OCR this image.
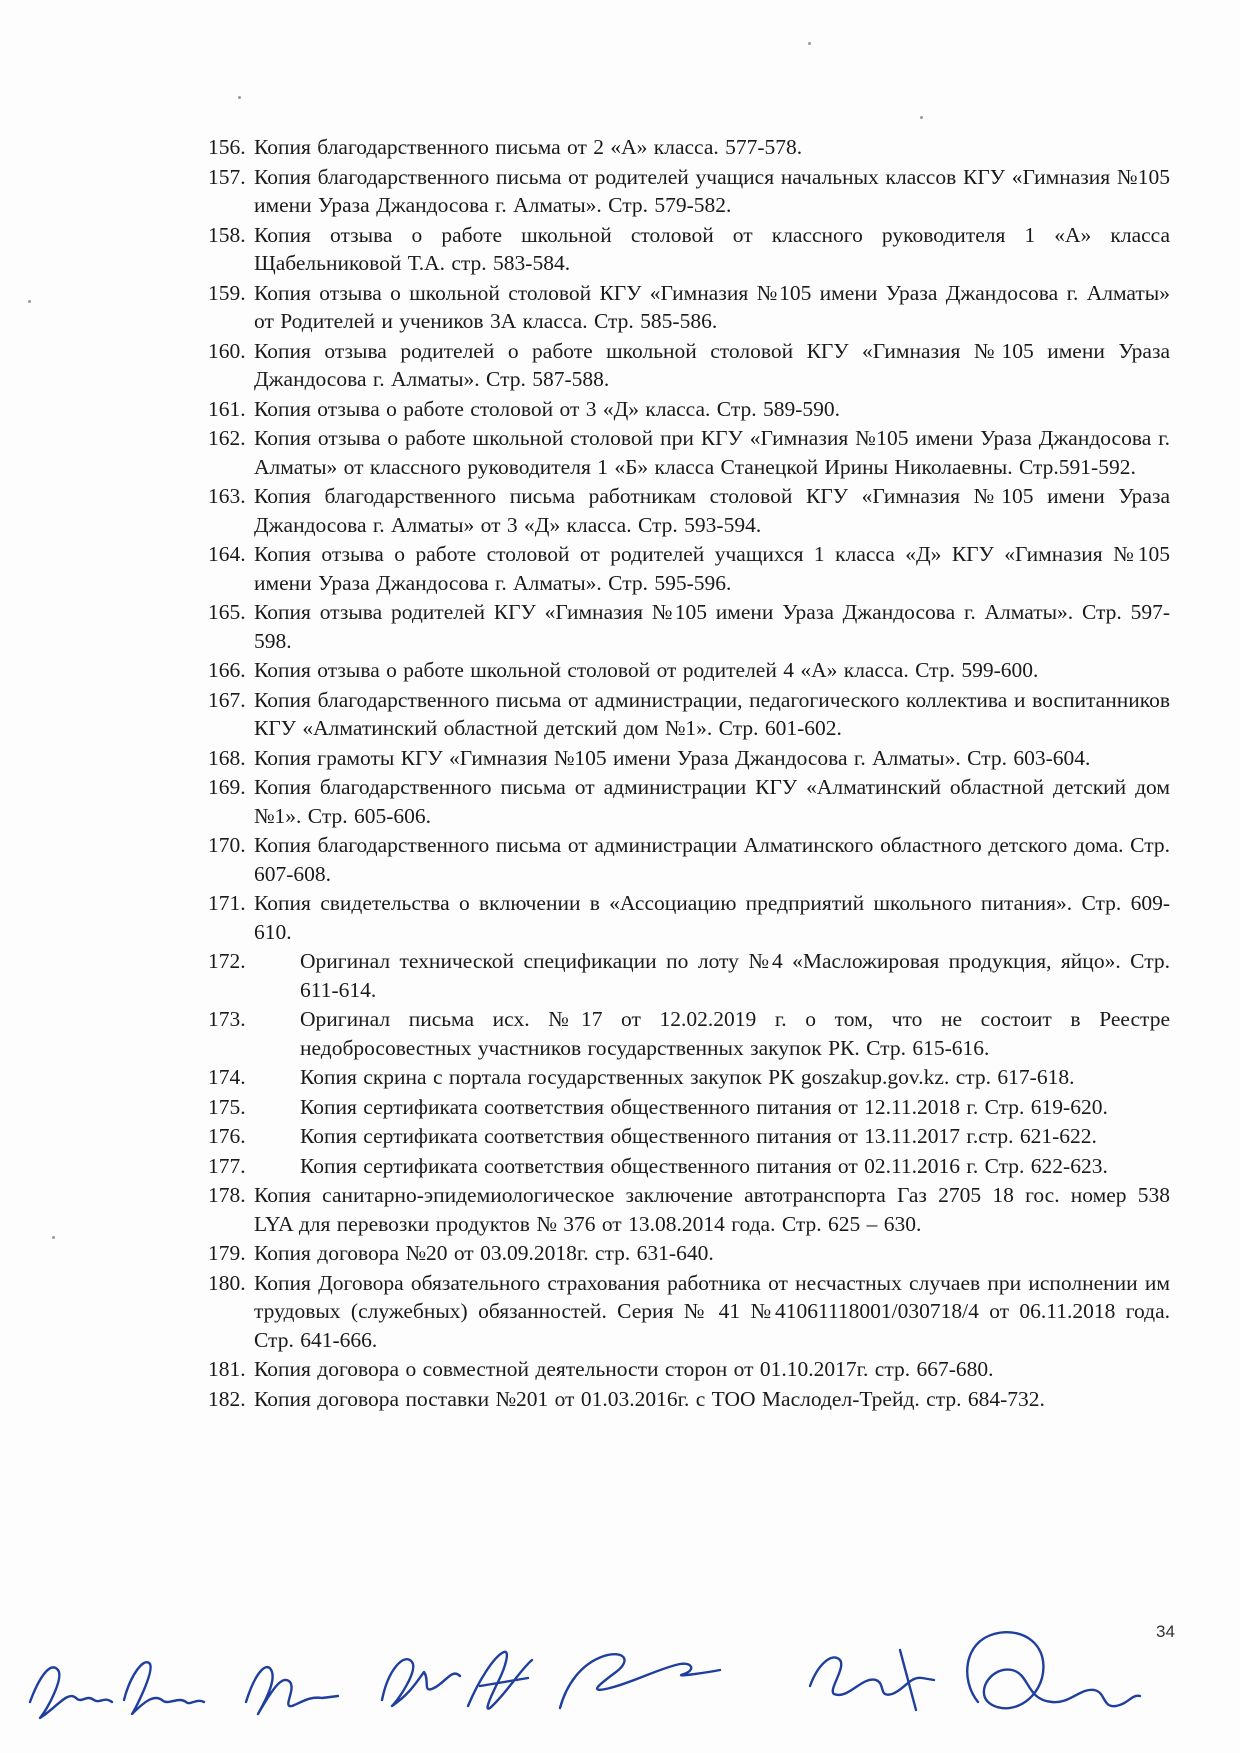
156. Копия благодарственного письма от 2 «А» класса. 577-578.
157. Копия благодарственного письма от родителей учащися начальных классов КГУ «Гимназия №105 имени Ураза Джандосова г. Алматы». Стр. 579-582.
158. Копия отзыва о работе школьной столовой от классного руководителя 1 «А» класса Щабельниковой Т.А. стр. 583-584.
159. Копия отзыва о школьной столовой КГУ «Гимназия №105 имени Ураза Джандосова г. Алматы» от Родителей и учеников 3А класса. Стр. 585-586.
160. Копия отзыва родителей о работе школьной столовой КГУ «Гимназия №105 имени Ураза Джандосова г. Алматы». Стр. 587-588.
161. Копия отзыва о работе столовой от 3 «Д» класса. Стр. 589-590.
162. Копия отзыва о работе школьной столовой при КГУ «Гимназия №105 имени Ураза Джандосова г. Алматы» от классного руководителя 1 «Б» класса Станецкой Ирины Николаевны. Стр.591-592.
163. Копия благодарственного письма работникам столовой КГУ «Гимназия №105 имени Ураза Джандосова г. Алматы» от 3 «Д» класса. Стр. 593-594.
164. Копия отзыва о работе столовой от родителей учащихся 1 класса «Д» КГУ «Гимназия №105 имени Ураза Джандосова г. Алматы». Стр. 595-596.
165. Копия отзыва родителей КГУ «Гимназия №105 имени Ураза Джандосова г. Алматы». Стр. 597-598.
166. Копия отзыва о работе школьной столовой от родителей 4 «А» класса. Стр. 599-600.
167. Копия благодарственного письма от администрации, педагогического коллектива и воспитанников КГУ «Алматинский областной детский дом №1». Стр. 601-602.
168. Копия грамоты КГУ «Гимназия №105 имени Ураза Джандосова г. Алматы». Стр. 603-604.
169. Копия благодарственного письма от администрации КГУ «Алматинский областной детский дом №1». Стр. 605-606.
170. Копия благодарственного письма от администрации Алматинского областного детского дома. Стр. 607-608.
171. Копия свидетельства о включении в «Ассоциацию предприятий школьного питания». Стр. 609-610.
172.	Оригинал технической спецификации по лоту №4 «Масложировая продукция, яйцо». Стр. 611-614.
173.	Оригинал письма исх. №17 от 12.02.2019 г. о том, что не состоит в Реестре недобросовестных участников государственных закупок РК. Стр. 615-616.
174.	Копия скрина с портала государственных закупок РК goszakup.gov.kz. стр. 617-618.
175.	Копия сертификата соответствия общественного питания от 12.11.2018 г. Стр. 619-620.
176.	Копия сертификата соответствия общественного питания от 13.11.2017 г.стр. 621-622.
177.	Копия сертификата соответствия общественного питания от 02.11.2016 г. Стр. 622-623.
178. Копия санитарно-эпидемиологическое заключение автотранспорта Газ 2705 18 гос. номер 538 LYA для перевозки продуктов № 376 от 13.08.2014 года. Стр. 625 – 630.
179. Копия договора №20 от 03.09.2018г. стр. 631-640.
180. Копия Договора обязательного страхования работника от несчастных случаев при исполнении им трудовых (служебных) обязанностей. Серия № 41 №41061118001/030718/4 от 06.11.2018 года. Стр. 641-666.
181. Копия договора о совместной деятельности сторон от 01.10.2017г. стр. 667-680.
182. Копия договора поставки №201 от 01.03.2016г. с ТОО Маслодел-Трейд. стр. 684-732.
34
